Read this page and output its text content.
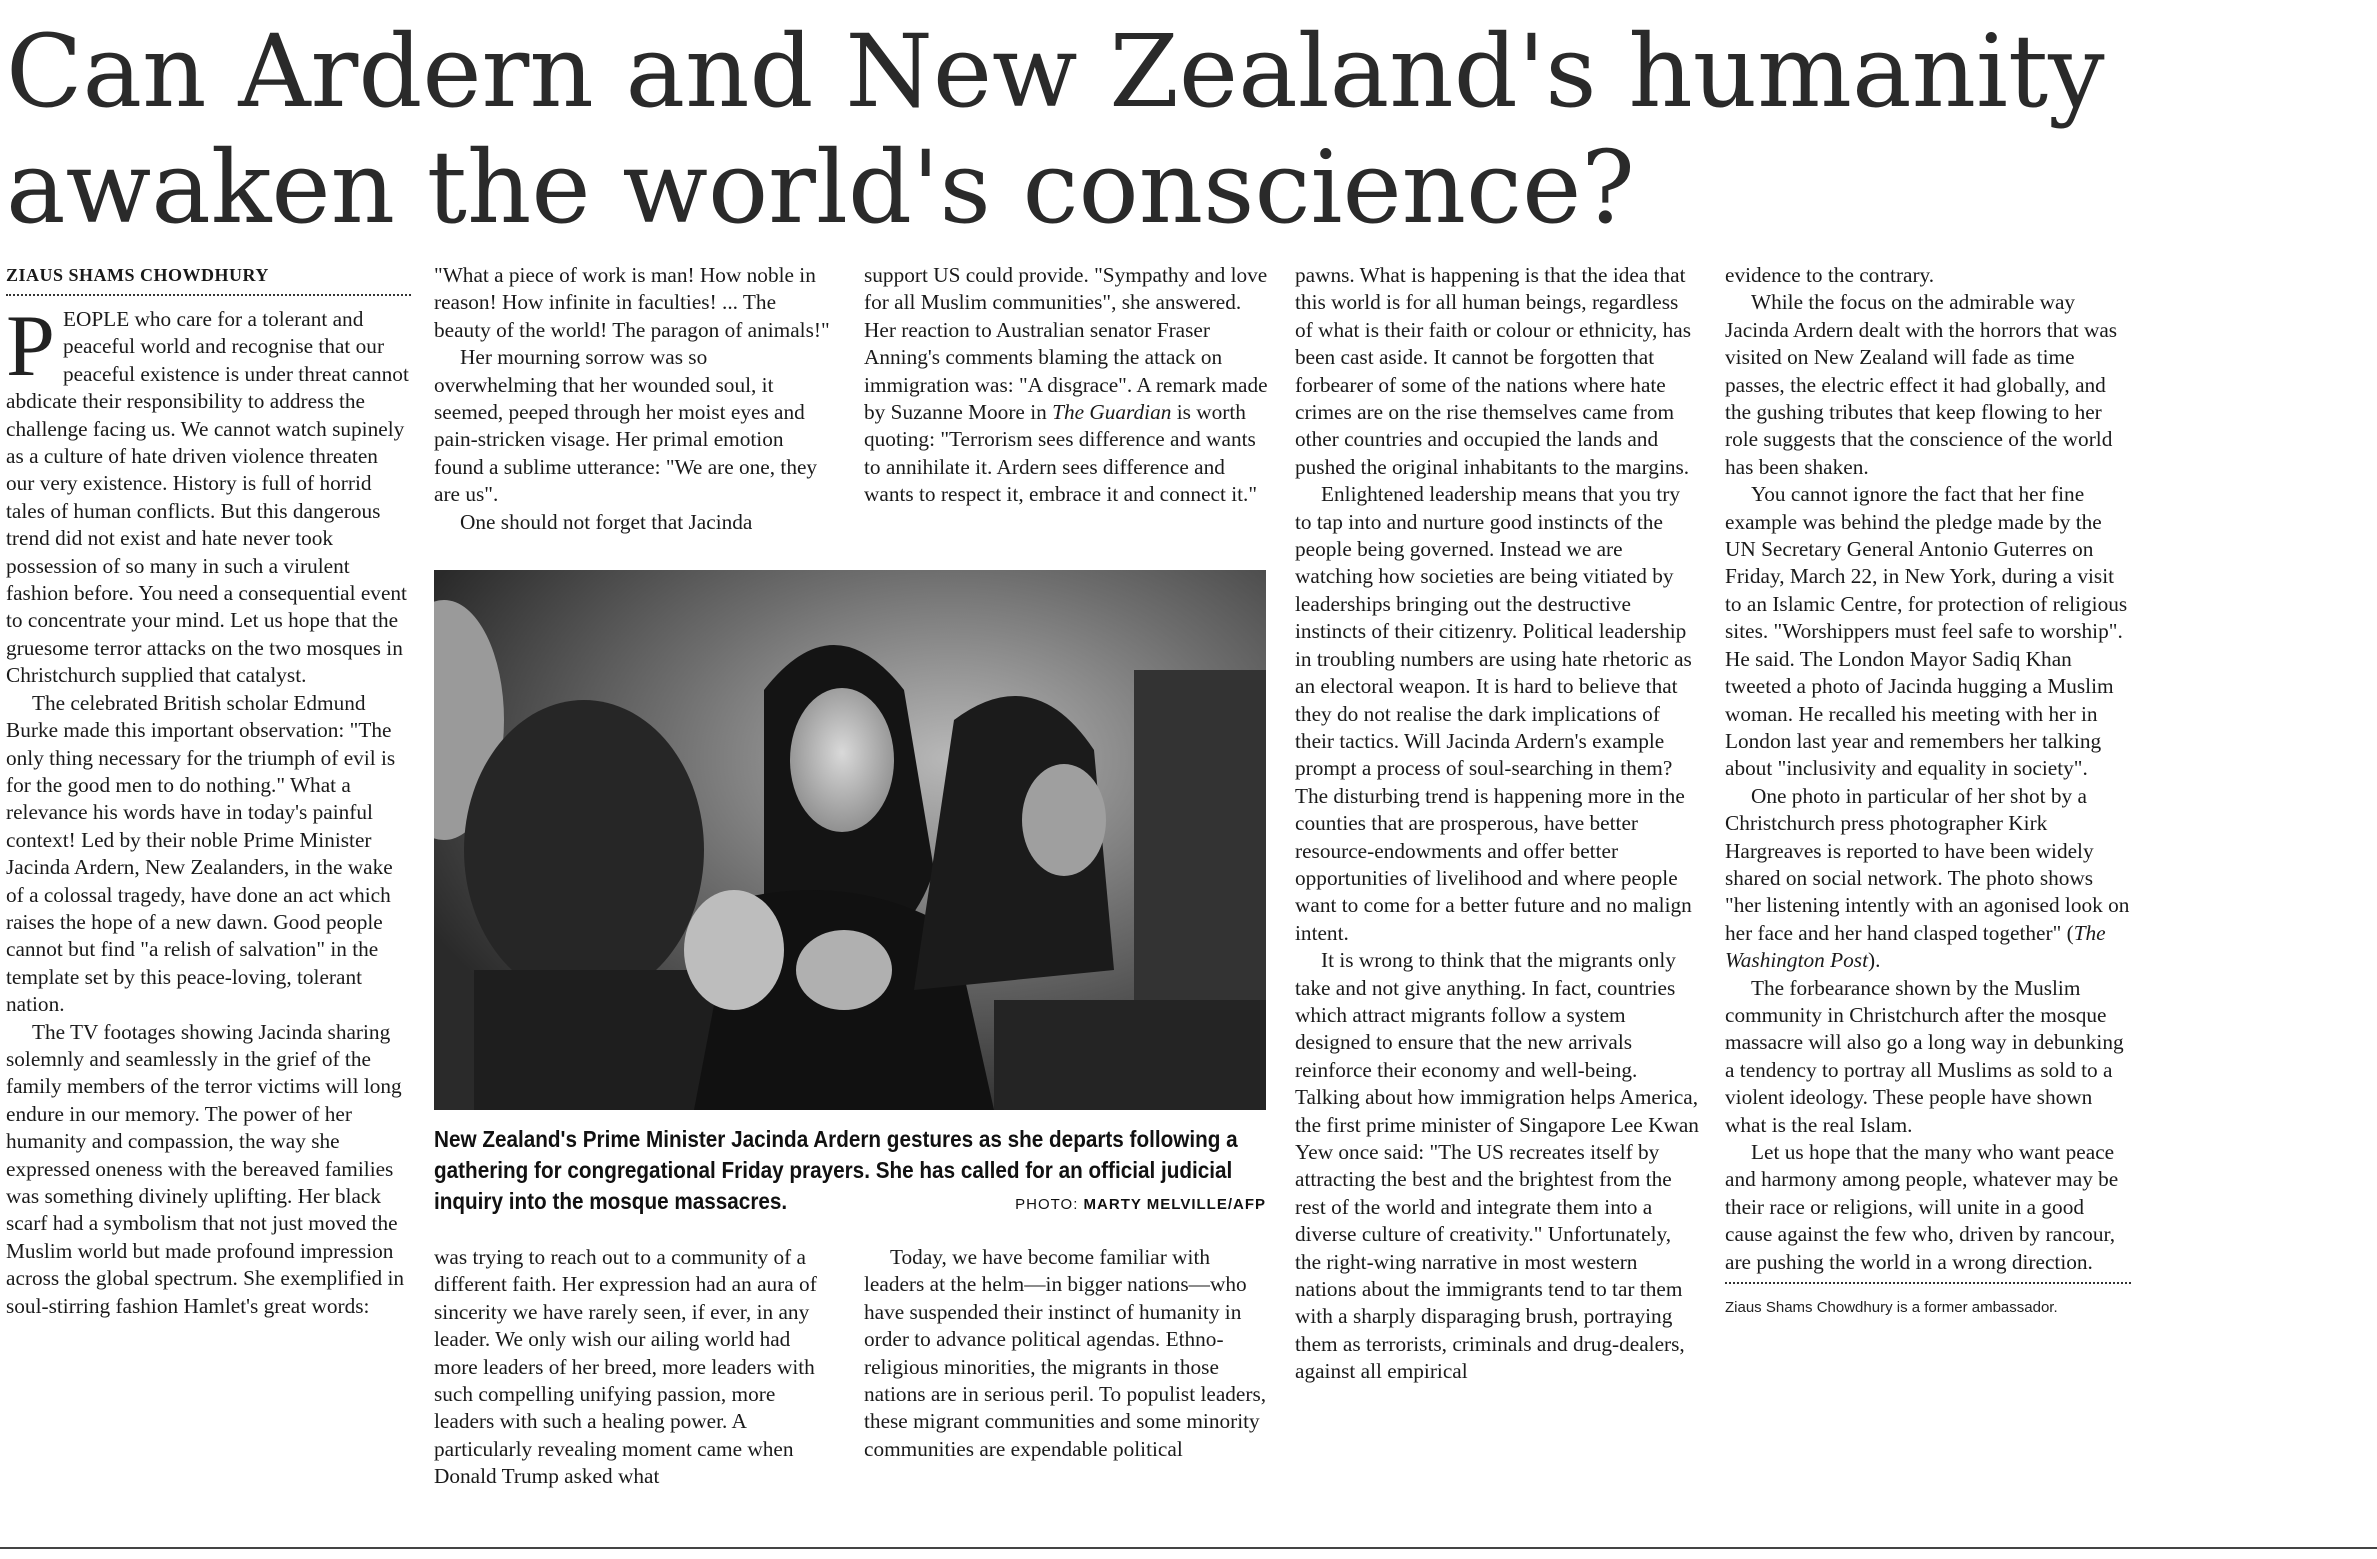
Can Ardern and New Zealand's humanity
awaken the world's conscience?
ZIAUS SHAMS CHOWDHURY

PEOPLE who care for a tolerant and peaceful world and recognise that our peaceful existence is under threat cannot abdicate their responsibility to address the challenge facing us. We cannot watch supinely as a culture of hate driven violence threaten our very existence. History is full of horrid tales of human conflicts. But this dangerous trend did not exist and hate never took possession of so many in such a virulent fashion before. You need a consequential event to concentrate your mind. Let us hope that the gruesome terror attacks on the two mosques in Christchurch supplied that catalyst.

The celebrated British scholar Edmund Burke made this important observation: "The only thing necessary for the triumph of evil is for the good men to do nothing." What a relevance his words have in today's painful context! Led by their noble Prime Minister Jacinda Ardern, New Zealanders, in the wake of a colossal tragedy, have done an act which raises the hope of a new dawn. Good people cannot but find "a relish of salvation" in the template set by this peace-loving, tolerant nation.

The TV footages showing Jacinda sharing solemnly and seamlessly in the grief of the family members of the terror victims will long endure in our memory. The power of her humanity and compassion, the way she expressed oneness with the bereaved families was something divinely uplifting. Her black scarf had a symbolism that not just moved the Muslim world but made profound impression across the global spectrum. She exemplified in soul-stirring fashion Hamlet's great words:

"What a piece of work is man! How noble in reason! How infinite in faculties! ... The beauty of the world! The paragon of animals!"

Her mourning sorrow was so overwhelming that her wounded soul, it seemed, peeped through her moist eyes and pain-stricken visage. Her primal emotion found a sublime utterance: "We are one, they are us".

One should not forget that Jacinda

support US could provide. "Sympathy and love for all Muslim communities", she answered. Her reaction to Australian senator Fraser Anning's comments blaming the attack on immigration was: "A disgrace". A remark made by Suzanne Moore in The Guardian is worth quoting: "Terrorism sees difference and wants to annihilate it. Ardern sees difference and wants to respect it, embrace it and connect it."

New Zealand's Prime Minister Jacinda Ardern gestures as she departs following a gathering for congregational Friday prayers. She has called for an official judicial inquiry into the mosque massacres.	PHOTO: MARTY MELVILLE/AFP

was trying to reach out to a community of a different faith. Her expression had an aura of sincerity we have rarely seen, if ever, in any leader. We only wish our ailing world had more leaders of her breed, more leaders with such compelling unifying passion, more leaders with such a healing power. A particularly revealing moment came when Donald Trump asked what

Today, we have become familiar with leaders at the helm—in bigger nations—who have suspended their instinct of humanity in order to advance political agendas. Ethno-religious minorities, the migrants in those nations are in serious peril. To populist leaders, these migrant communities and some minority communities are expendable political

pawns. What is happening is that the idea that this world is for all human beings, regardless of what is their faith or colour or ethnicity, has been cast aside. It cannot be forgotten that forbearer of some of the nations where hate crimes are on the rise themselves came from other countries and occupied the lands and pushed the original inhabitants to the margins.

Enlightened leadership means that you try to tap into and nurture good instincts of the people being governed. Instead we are watching how societies are being vitiated by leaderships bringing out the destructive instincts of their citizenry. Political leadership in troubling numbers are using hate rhetoric as an electoral weapon. It is hard to believe that they do not realise the dark implications of their tactics. Will Jacinda Ardern's example prompt a process of soul-searching in them? The disturbing trend is happening more in the counties that are prosperous, have better resource-endowments and offer better opportunities of livelihood and where people want to come for a better future and no malign intent.

It is wrong to think that the migrants only take and not give anything. In fact, countries which attract migrants follow a system designed to ensure that the new arrivals reinforce their economy and well-being. Talking about how immigration helps America, the first prime minister of Singapore Lee Kwan Yew once said: "The US recreates itself by attracting the best and the brightest from the rest of the world and integrate them into a diverse culture of creativity." Unfortunately, the right-wing narrative in most western nations about the immigrants tend to tar them with a sharply disparaging brush, portraying them as terrorists, criminals and drug-dealers, against all empirical

evidence to the contrary.

While the focus on the admirable way Jacinda Ardern dealt with the horrors that was visited on New Zealand will fade as time passes, the electric effect it had globally, and the gushing tributes that keep flowing to her role suggests that the conscience of the world has been shaken.

You cannot ignore the fact that her fine example was behind the pledge made by the UN Secretary General Antonio Guterres on Friday, March 22, in New York, during a visit to an Islamic Centre, for protection of religious sites. "Worshippers must feel safe to worship". He said. The London Mayor Sadiq Khan tweeted a photo of Jacinda hugging a Muslim woman. He recalled his meeting with her in London last year and remembers her talking about "inclusivity and equality in society".

One photo in particular of her shot by a Christchurch press photographer Kirk Hargreaves is reported to have been widely shared on social network. The photo shows "her listening intently with an agonised look on her face and her hand clasped together" (The Washington Post).

The forbearance shown by the Muslim community in Christchurch after the mosque massacre will also go a long way in debunking a tendency to portray all Muslims as sold to a violent ideology. These people have shown what is the real Islam.

Let us hope that the many who want peace and harmony among people, whatever may be their race or religions, will unite in a good cause against the few who, driven by rancour, are pushing the world in a wrong direction.

Ziaus Shams Chowdhury is a former ambassador.
